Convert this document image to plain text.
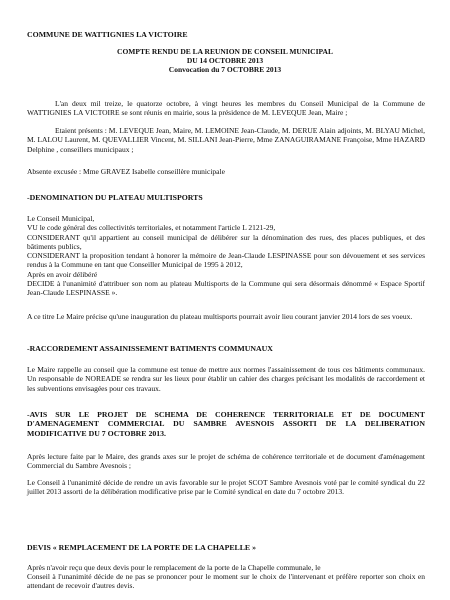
COMMUNE DE WATTIGNIES LA VICTOIRE
COMPTE RENDU DE LA REUNION DE CONSEIL MUNICIPAL
DU 14 OCTOBRE 2013
Convocation du 7 OCTOBRE 2013
L'an deux mil treize, le quatorze octobre, à vingt heures les membres du Conseil Municipal de la Commune de WATTIGNIES LA VICTOIRE se sont réunis en mairie, sous la présidence de M. LEVEQUE Jean, Maire ;
Etaient présents : M. LEVEQUE Jean, Maire, M. LEMOINE Jean-Claude, M. DERUE Alain adjoints, M. BLYAU Michel, M. LALOU Laurent, M. QUEVALLIER Vincent, M. SILLANI Jean-Pierre, Mme ZANAGUIRAMANE Françoise, Mme HAZARD Delphine , conseillers municipaux ;
Absente excusée : Mme GRAVEZ Isabelle conseillère municipale
-DENOMINATION DU PLATEAU MULTISPORTS
Le Conseil Municipal,
VU le code général des collectivités territoriales, et notamment l'article L 2121-29,
CONSIDERANT qu'il appartient au conseil municipal de délibérer sur la dénomination des rues, des places publiques, et des bâtiments publics,
CONSIDERANT la proposition tendant à honorer la mémoire de Jean-Claude LESPINASSE pour son dévouement et ses services rendus à la Commune en tant que Conseiller Municipal de 1995 à 2012,
Après en avoir délibéré
DECIDE à l'unanimité d'attribuer son nom au plateau Multisports de la Commune qui sera désormais dénommé « Espace Sportif Jean-Claude LESPINASSE ».
A ce titre Le Maire précise qu'une inauguration du plateau multisports pourrait avoir lieu courant janvier 2014 lors de ses voeux.
-RACCORDEMENT ASSAINISSEMENT BATIMENTS COMMUNAUX
Le Maire rappelle au conseil que la commune est tenue de mettre aux normes l'assainissement de tous ces bâtiments communaux. Un responsable de NOREADE se rendra sur les lieux pour établir un cahier des charges précisant les modalités de raccordement et les subventions envisagées pour ces travaux.
-AVIS SUR LE PROJET DE SCHEMA DE COHERENCE TERRITORIALE ET DE DOCUMENT D'AMENAGEMENT COMMERCIAL DU SAMBRE AVESNOIS ASSORTI DE LA DELIBERATION MODIFICATIVE DU 7 OCTOBRE 2013.
Après lecture faite par le Maire, des grands axes sur le projet de schéma de cohérence territoriale et de document d'aménagement Commercial du Sambre Avesnois ;
Le Conseil à l'unanimité décide de rendre un avis favorable sur le projet SCOT Sambre Avesnois voté par le comité syndical du 22 juillet 2013 assorti de la délibération modificative prise par le Comité syndical en date du 7 octobre 2013.
DEVIS « REMPLACEMENT DE LA PORTE DE LA CHAPELLE »
Après n'avoir reçu que deux devis pour le remplacement de la porte de la Chapelle communale, le
Conseil à l'unanimité décide de ne pas se prononcer pour le moment sur le choix de l'intervenant et préfère reporter son choix en attendant de recevoir d'autres devis.
